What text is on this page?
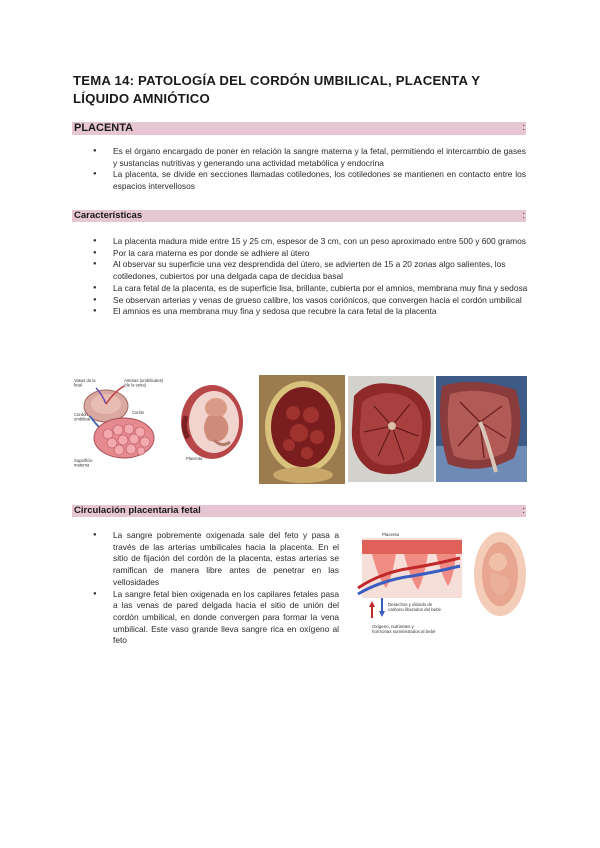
TEMA 14: PATOLOGÍA DEL CORDÓN UMBILICAL, PLACENTA Y LÍQUIDO AMNIÓTICO
PLACENTA	:
● Es el órgano encargado de poner en relación la sangre materna y la fetal, permitiendo el intercambio de gases y sustancias nutritivas y generando una actividad metabólica y endocrina
● La placenta, se divide en secciones llamadas cotiledones, los cotiledones se mantienen en contacto entre los espacios intervellosos
Características	:
● La placenta madura mide entre 15 y 25 cm, espesor de 3 cm, con un peso aproximado entre 500 y 600 gramos
● Por la cara materna es por donde se adhiere al útero
● Al observar su superficie una vez desprendida del útero, se advierten de 15 a 20 zonas algo salientes, los cotiledones, cubiertos por una delgada capa de decidua basal
● La cara fetal de la placenta, es de superficie lisa, brillante, cubierta por el amnios, membrana muy fina y sedosa
● Se observan arterias y venas de grueso calibre, los vasos coriónicos, que convergen hacia el cordón umbilical
● El amnios es una membrana muy fina y sedosa que recubre la cara fetal de la placenta
Vasos de la
fetal
Arterias (umbilicales)
(de la vena)
Cordón
umbilical
Corión
Superficie
materna
Placenta
Circulación placentaria fetal	:
● La sangre pobremente oxigenada sale del feto y pasa a través de las arterias umbilicales hacia la placenta. En el sitio de fijación del cordón de la placenta, estas arterias se ramifican de manera libre antes de penetrar en las vellosidades
● La sangre fetal bien oxigenada en los capilares fetales pasa a las venas de pared delgada hacia el sitio de unión del cordón umbilical, en donde convergen para formar la vena umbilical. Este vaso grande lleva sangre rica en oxígeno al feto
Placenta
Desechos y dióxido de
carbono liberados del bebé
Oxígeno, nutrientes y
hormonas suministrados al bebé
